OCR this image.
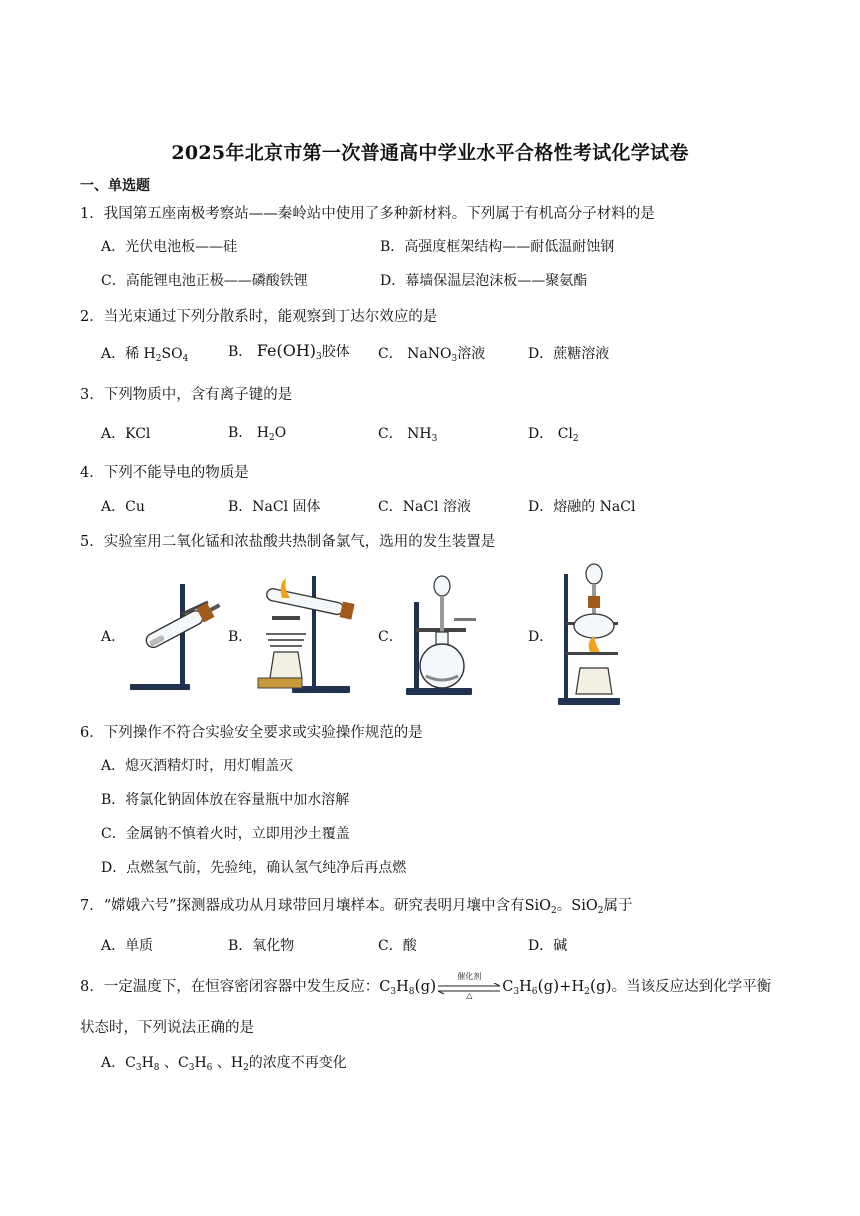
2025年北京市第一次普通高中学业水平合格性考试化学试卷
一、单选题
1．我国第五座南极考察站——秦岭站中使用了多种新材料。下列属于有机高分子材料的是
A．光伏电池板——硅	B．高强度框架结构——耐低温耐蚀钢
C．高能锂电池正极——磷酸铁锂	D．幕墙保温层泡沫板——聚氨酯
2．当光束通过下列分散系时，能观察到丁达尔效应的是
A．稀 $H_2SO_4$	B． $Fe(OH)_3$胶体 C． NaNO$_3$溶液	D．蔗糖溶液
3．下列物质中，含有离子键的是
A．KCl	B． $H_2O$	C． $NH_3$	D． $Cl_2$
4．下列不能导电的物质是
A．Cu	B．NaCl 固体	C．NaCl 溶液	D．熔融的 NaCl
5．实验室用二氧化锰和浓盐酸共热制备氯气，选用的发生装置是
A．	B．	C．	D．
6．下列操作不符合实验安全要求或实验操作规范的是
A．熄灭酒精灯时，用灯帽盖灭
B．将氯化钠固体放在容量瓶中加水溶解
C．金属钠不慎着火时，立即用沙土覆盖
D．点燃氢气前，先验纯，确认氢气纯净后再点燃
7．“嫦娥六号”探测器成功从月球带回月壤样本。研究表明月壤中含有SiO$_2$。SiO$_2$属于
A．单质	B．氧化物	C．酸	D．碱
8．一定温度下，在恒容密闭容器中发生反应：$C_3H_8(g)$	催化剂
△
$C_3H_6(g)+H_2(g)$。当该反应达到化学平衡
状态时，下列说法正确的是
A．$C_3H_8$ 、$C_3H_6$ 、$H_2$的浓度不再变化
